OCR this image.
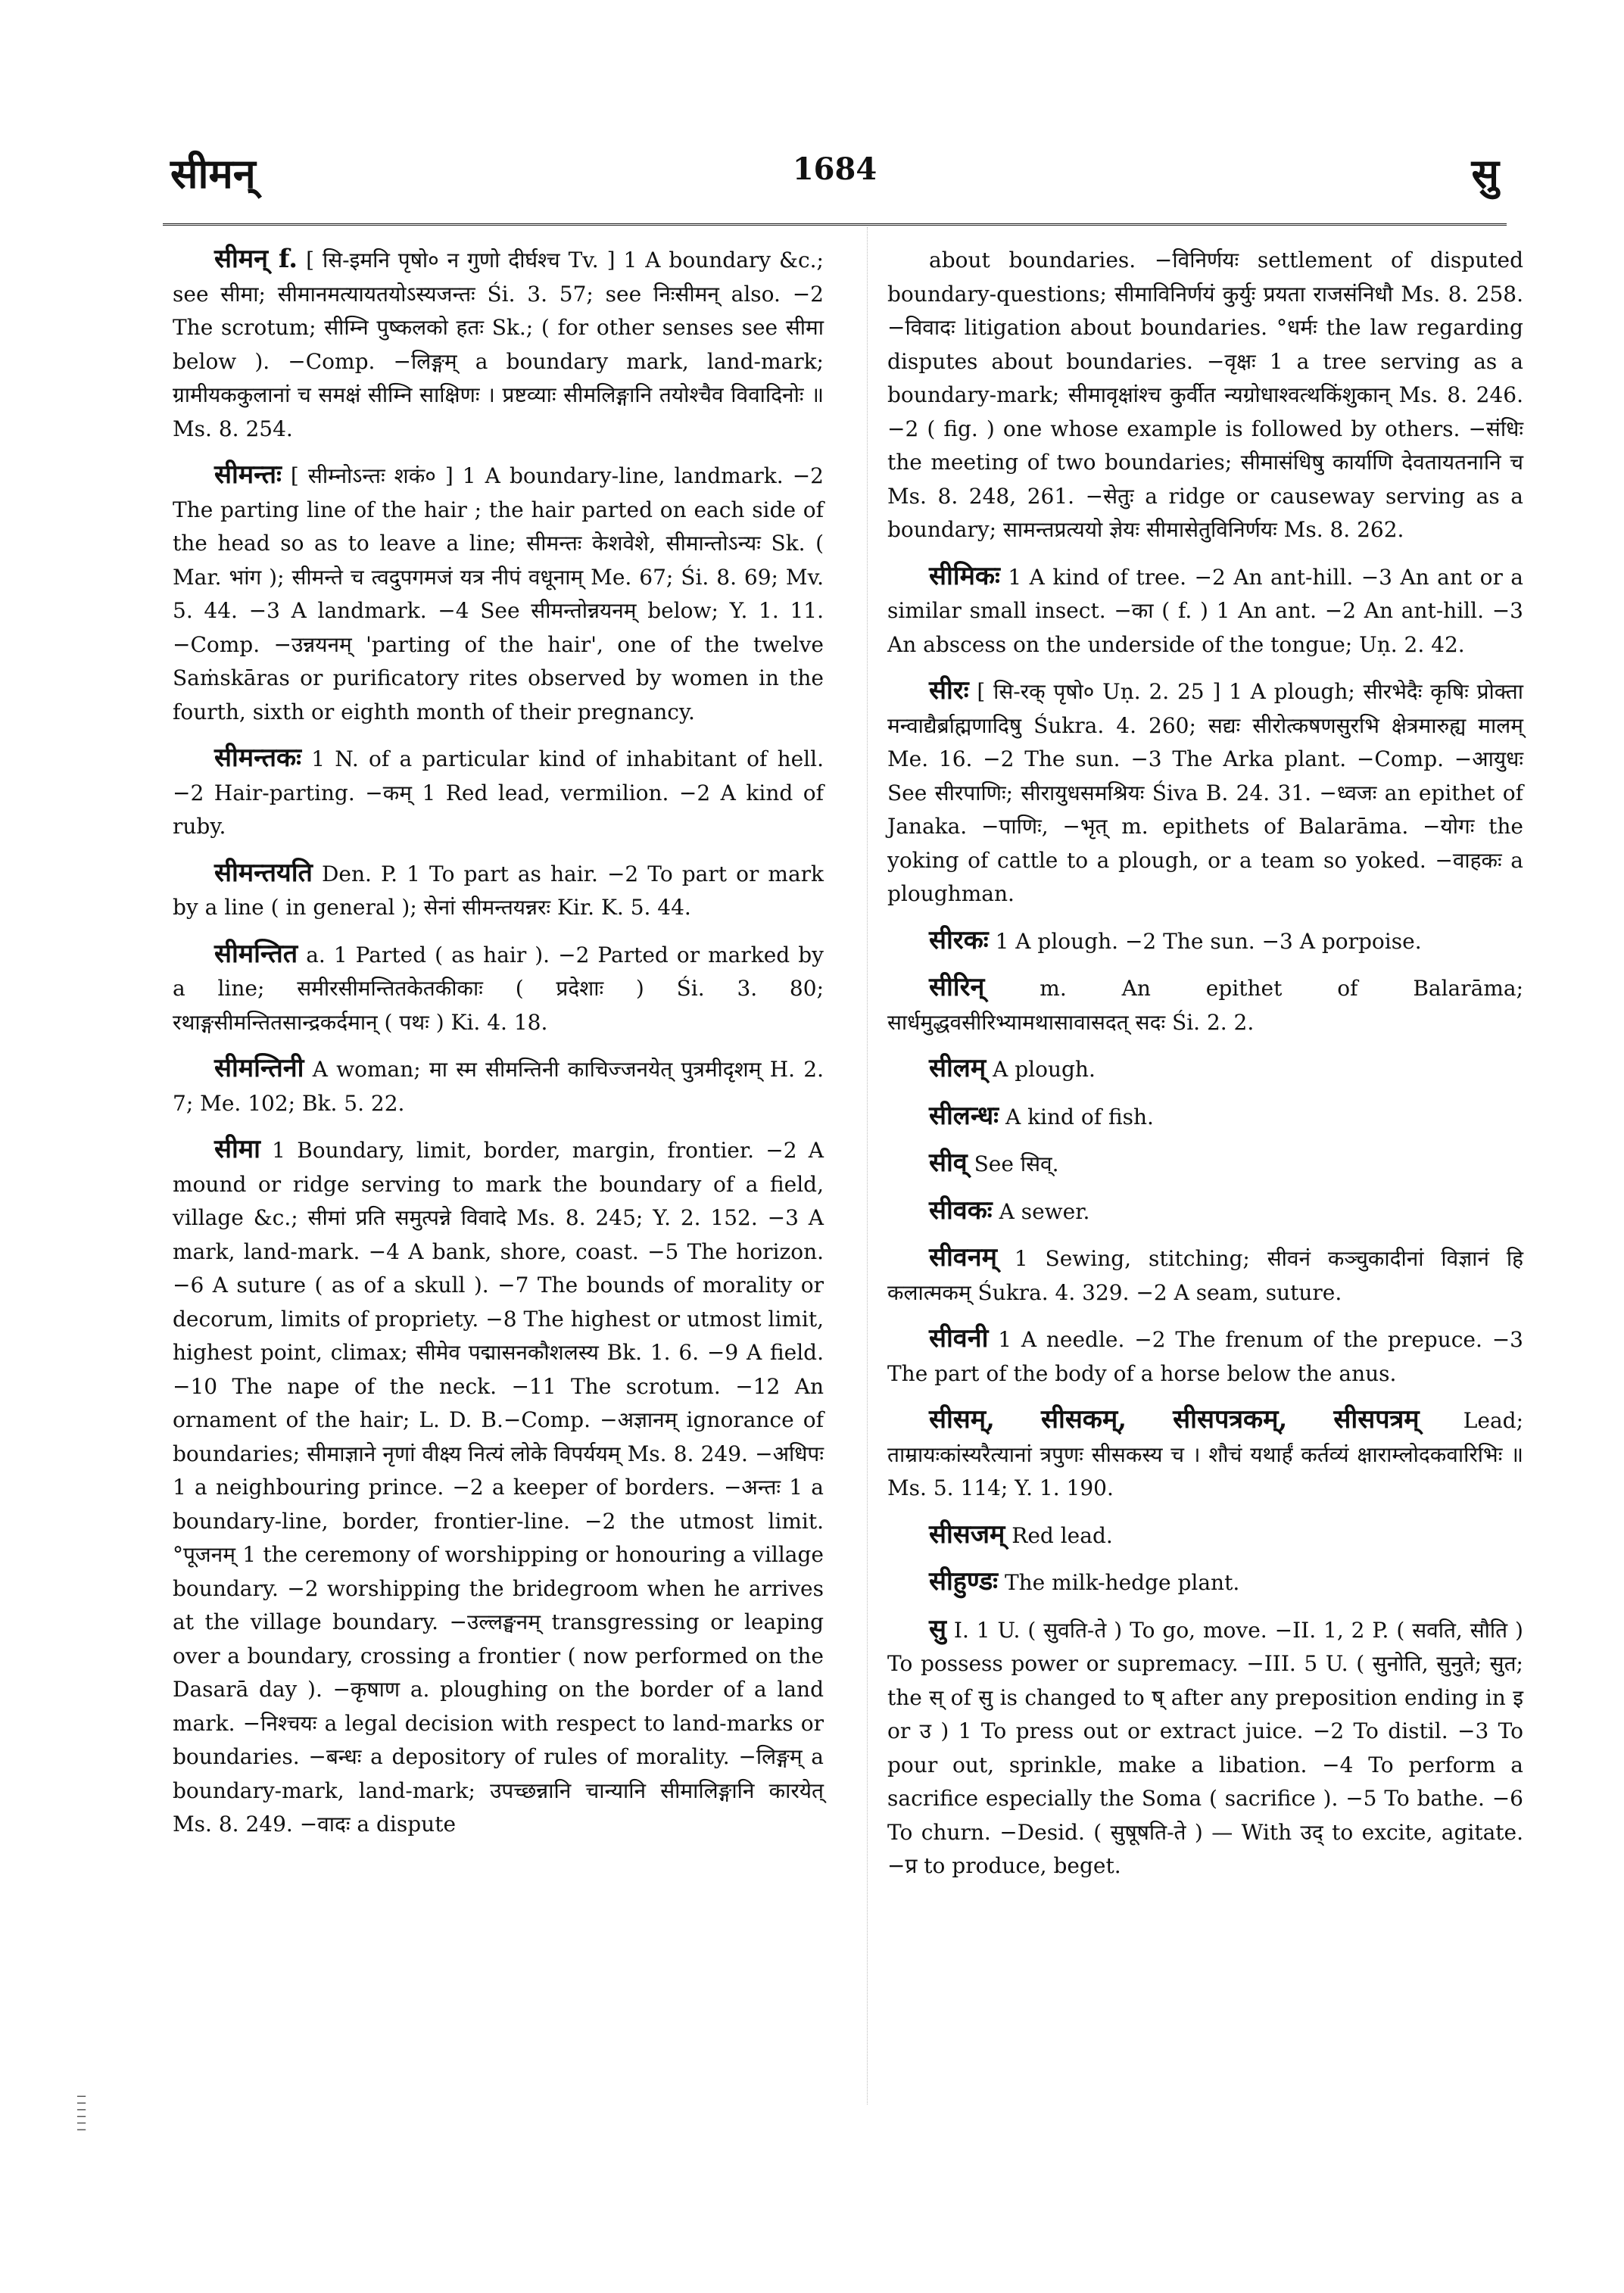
सीमन्	1684	सु

सीमन् f. [ सि-इमनि पृषो० न गुणो दीर्घश्च Tv. ] 1 A boundary &c.; see सीमा; सीमानमत्यायतयोऽस्यजन्तः Śi. 3. 57; see निःसीमन् also. −2 The scrotum; सीम्नि पुष्कलको हतः Sk.; ( for other senses see सीमा below ). −Comp. −लिङ्गम् a boundary mark, land-mark; ग्रामीयककुलानां च समक्षं सीम्नि साक्षिणः । प्रष्टव्याः सीमलिङ्गानि तयोश्चैव विवादिनोः ॥ Ms. 8. 254.

सीमन्तः [ सीम्नोऽन्तः शकं० ] 1 A boundary-line, landmark. −2 The parting line of the hair ; the hair parted on each side of the head so as to leave a line; सीमन्तः केशवेशे, सीमान्तोऽन्यः Sk. ( Mar. भांग ); सीमन्ते च त्वदुपगमजं यत्र नीपं वधूनाम् Me. 67; Śi. 8. 69; Mv. 5. 44. −3 A landmark. −4 See सीमन्तोन्नयनम् below; Y. 1. 11. −Comp. −उन्नयनम् 'parting of the hair', one of the twelve Saṁskāras or purificatory rites observed by women in the fourth, sixth or eighth month of their pregnancy.

सीमन्तकः 1 N. of a particular kind of inhabitant of hell. −2 Hair-parting. −कम् 1 Red lead, vermilion. −2 A kind of ruby.

सीमन्तयति Den. P. 1 To part as hair. −2 To part or mark by a line ( in general ); सेनां सीमन्तयन्नरः Kir. K. 5. 44.

सीमन्तित a. 1 Parted ( as hair ). −2 Parted or marked by a line; समीरसीमन्तितकेतकीकाः ( प्रदेशाः ) Śi. 3. 80; रथाङ्गसीमन्तितसान्द्रकर्दमान् ( पथः ) Ki. 4. 18.

सीमन्तिनी A woman; मा स्म सीमन्तिनी काचिज्जनयेत् पुत्रमीदृशम् H. 2. 7; Me. 102; Bk. 5. 22.

सीमा 1 Boundary, limit, border, margin, frontier. −2 A mound or ridge serving to mark the boundary of a field, village &c.; सीमां प्रति समुत्पन्ने विवादे Ms. 8. 245; Y. 2. 152. −3 A mark, land-mark. −4 A bank, shore, coast. −5 The horizon. −6 A suture ( as of a skull ). −7 The bounds of morality or decorum, limits of propriety. −8 The highest or utmost limit, highest point, climax; सीमेव पद्मासनकौशलस्य Bk. 1. 6. −9 A field. −10 The nape of the neck. −11 The scrotum. −12 An ornament of the hair; L. D. B.−Comp. −अज्ञानम् ignorance of boundaries; सीमाज्ञाने नृणां वीक्ष्य नित्यं लोके विपर्ययम् Ms. 8. 249. −अधिपः 1 a neighbouring prince. −2 a keeper of borders. −अन्तः 1 a boundary-line, border, frontier-line. −2 the utmost limit. °पूजनम् 1 the ceremony of worshipping or honouring a village boundary. −2 worshipping the bridegroom when he arrives at the village boundary. −उल्लङ्घनम् transgressing or leaping over a boundary, crossing a frontier ( now performed on the Dasarā day ). −कृषाण a. ploughing on the border of a land mark. −निश्चयः a legal decision with respect to land-marks or boundaries. −बन्धः a depository of rules of morality. −लिङ्गम् a boundary-mark, land-mark; उपच्छन्नानि चान्यानि सीमालिङ्गानि कारयेत् Ms. 8. 249. −वादः a dispute

about boundaries. −विनिर्णयः settlement of disputed boundary-questions; सीमाविनिर्णयं कुर्युः प्रयता राजसंनिधौ Ms. 8. 258. −विवादः litigation about boundaries. °धर्मः the law regarding disputes about boundaries. −वृक्षः 1 a tree serving as a boundary-mark; सीमावृक्षांश्च कुर्वीत न्यग्रोधाश्वत्थकिंशुकान् Ms. 8. 246. −2 ( fig. ) one whose example is followed by others. −संधिः the meeting of two boundaries; सीमासंधिषु कार्याणि देवतायतनानि च Ms. 8. 248, 261. −सेतुः a ridge or causeway serving as a boundary; सामन्तप्रत्ययो ज्ञेयः सीमासेतुविनिर्णयः Ms. 8. 262.

सीमिकः 1 A kind of tree. −2 An ant-hill. −3 An ant or a similar small insect. −का ( f. ) 1 An ant. −2 An ant-hill. −3 An abscess on the underside of the tongue; Uṇ. 2. 42.

सीरः [ सि-रक् पृषो० Uṇ. 2. 25 ] 1 A plough; सीरभेदैः कृषिः प्रोक्ता मन्वाद्यैर्ब्राह्मणादिषु Śukra. 4. 260; सद्यः सीरोत्कषणसुरभि क्षेत्रमारुह्य मालम् Me. 16. −2 The sun. −3 The Arka plant. −Comp. −आयुधः See सीरपाणिः; सीरायुधसमश्रियः Śiva B. 24. 31. −ध्वजः an epithet of Janaka. −पाणिः, −भृत् m. epithets of Balarāma. −योगः the yoking of cattle to a plough, or a team so yoked. −वाहकः a ploughman.

सीरकः 1 A plough. −2 The sun. −3 A porpoise.

सीरिन्	m. An epithet of Balarāma; सार्धमुद्धवसीरिभ्यामथासावासदत् सदः Śi. 2. 2.

सीलम् A plough.

सीलन्धः A kind of fish.

सीव् See सिव्.

सीवकः A sewer.

सीवनम् 1 Sewing, stitching; सीवनं कञ्चुकादीनां विज्ञानं हि कलात्मकम् Śukra. 4. 329. −2 A seam, suture.

सीवनी 1 A needle. −2 The frenum of the prepuce. −3 The part of the body of a horse below the anus.

सीसम्, सीसकम्, सीसपत्रकम्, सीसपत्रम् Lead; ताम्रायःकांस्यरैत्यानां त्रपुणः सीसकस्य च । शौचं यथार्हं कर्तव्यं क्षाराम्लोदकवारिभिः ॥ Ms. 5. 114; Y. 1. 190.

सीसजम् Red lead.

सीहुण्डः The milk-hedge plant.

सु I. 1 U. ( सुवति-ते ) To go, move. −II. 1, 2 P. ( सवति, सौति ) To possess power or supremacy. −III. 5 U. ( सुनोति, सुनुते; सुत; the स् of सु is changed to ष् after any preposition ending in इ or उ ) 1 To press out or extract juice. −2 To distil. −3 To pour out, sprinkle, make a libation. −4 To perform a sacrifice especially the Soma ( sacrifice ). −5 To bathe. −6 To churn. −Desid. ( सुषूषति-ते ) — With उद् to excite, agitate. −प्र to produce, beget.

।।।।।।
